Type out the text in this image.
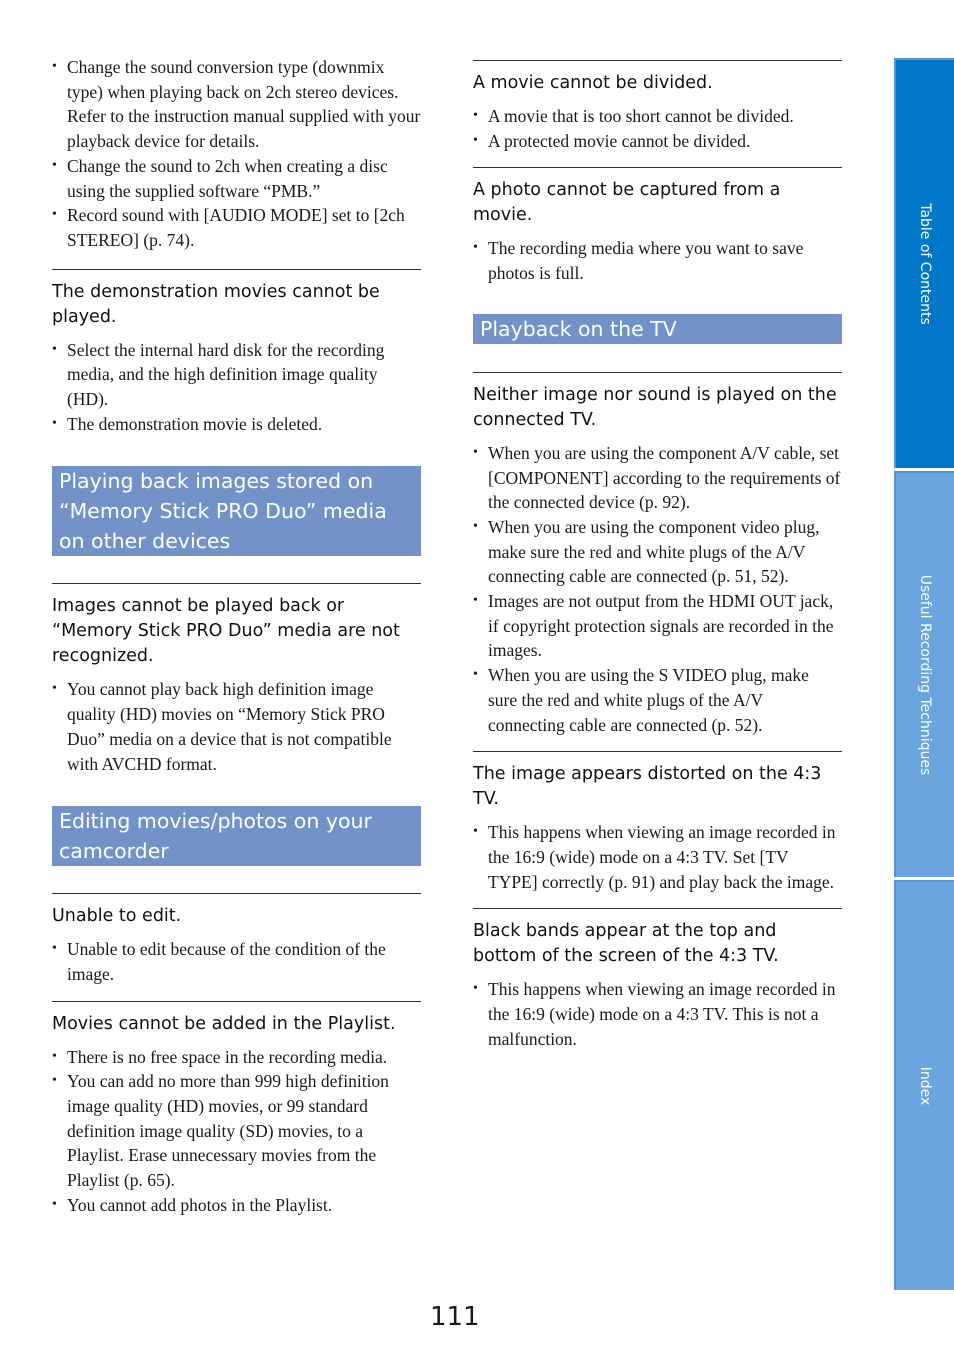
• Change the sound conversion type (downmix type) when playing back on 2ch stereo devices. Refer to the instruction manual supplied with your playback device for details.
• Change the sound to 2ch when creating a disc using the supplied software “PMB.”
• Record sound with [AUDIO MODE] set to [2ch STEREO] (p. 74).

The demonstration movies cannot be played.

• Select the internal hard disk for the recording media, and the high definition image quality (HD).
• The demonstration movie is deleted.
Playing back images stored on “Memory Stick PRO Duo” media on other devices

Images cannot be played back or “Memory Stick PRO Duo” media are not recognized.

• You cannot play back high definition image quality (HD) movies on “Memory Stick PRO Duo” media on a device that is not compatible with AVCHD format.
Editing movies/photos on your camcorder

Unable to edit.

• Unable to edit because of the condition of the image.

Movies cannot be added in the Playlist.

• There is no free space in the recording media.
• You can add no more than 999 high definition image quality (HD) movies, or 99 standard definition image quality (SD) movies, to a Playlist. Erase unnecessary movies from the Playlist (p. 65).
• You cannot add photos in the Playlist.

A movie cannot be divided.

• A movie that is too short cannot be divided.
• A protected movie cannot be divided.

A photo cannot be captured from a movie.

• The recording media where you want to save photos is full.
Playback on the TV

Neither image nor sound is played on the connected TV.

• When you are using the component A/V cable, set [COMPONENT] according to the requirements of the connected device (p. 92).
• When you are using the component video plug, make sure the red and white plugs of the A/V connecting cable are connected (p. 51, 52).
• Images are not output from the HDMI OUT jack, if copyright protection signals are recorded in the images.
• When you are using the S VIDEO plug, make sure the red and white plugs of the A/V connecting cable are connected (p. 52).

The image appears distorted on the 4:3 TV.

• This happens when viewing an image recorded in the 16:9 (wide) mode on a 4:3 TV. Set [TV TYPE] correctly (p. 91) and play back the image.

Black bands appear at the top and bottom of the screen of the 4:3 TV.

• This happens when viewing an image recorded in the 16:9 (wide) mode on a 4:3 TV. This is not a malfunction.
Table of Contents
Useful Recording Techniques
Index
111
